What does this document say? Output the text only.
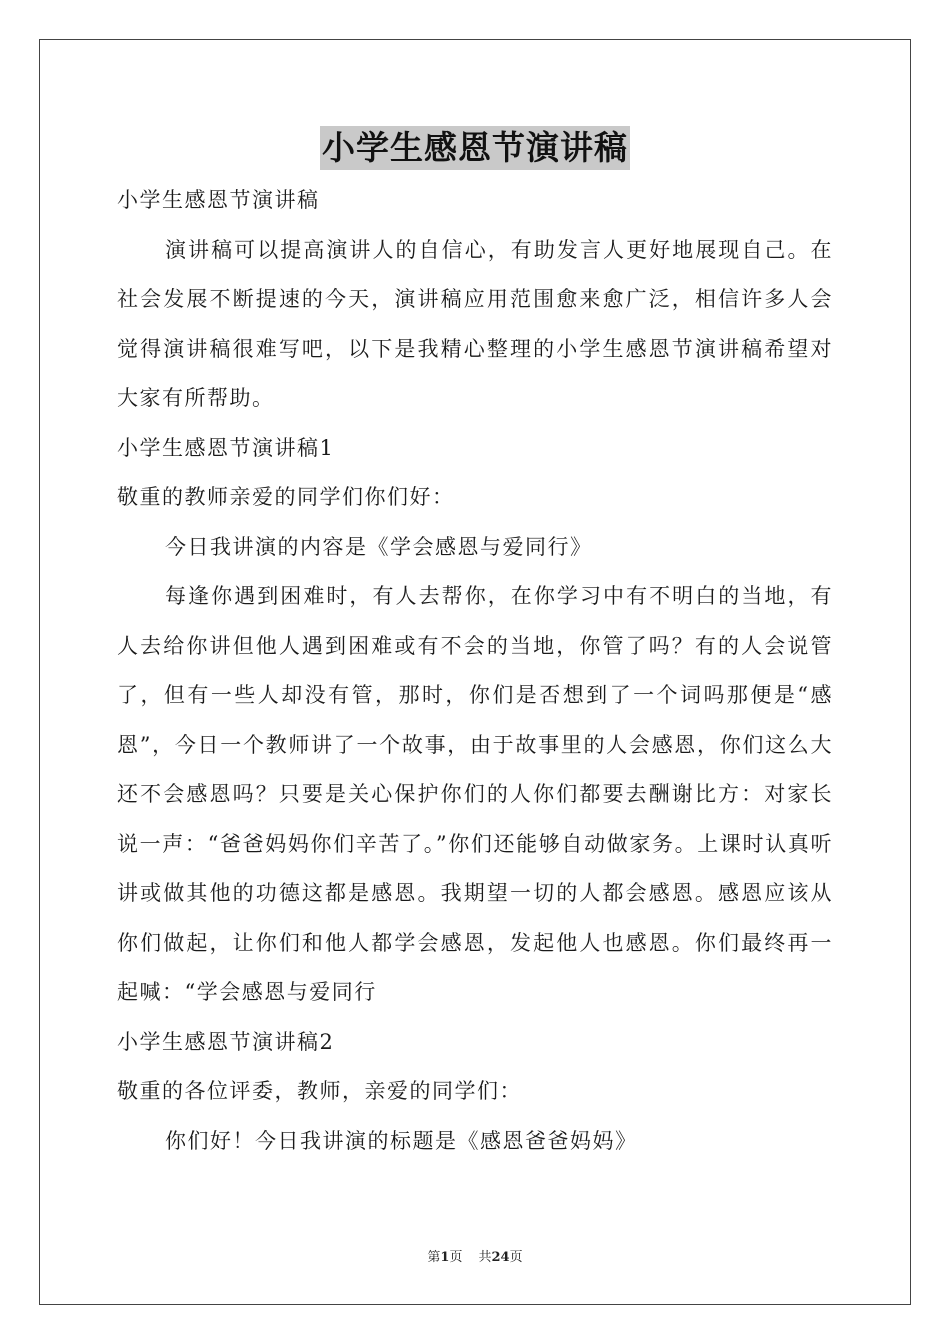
小学生感恩节演讲稿

小学生感恩节演讲稿

演讲稿可以提高演讲人的自信心，有助发言人更好地展现自己。在社会发展不断提速的今天，演讲稿应用范围愈来愈广泛，相信许多人会觉得演讲稿很难写吧，以下是我精心整理的小学生感恩节演讲稿希望对大家有所帮助。

小学生感恩节演讲稿1

敬重的教师亲爱的同学们你们好：

今日我讲演的内容是《学会感恩与爱同行》

每逢你遇到困难时，有人去帮你，在你学习中有不明白的当地，有人去给你讲但他人遇到困难或有不会的当地，你管了吗？有的人会说管了，但有一些人却没有管，那时，你们是否想到了一个词吗那便是“感恩”，今日一个教师讲了一个故事，由于故事里的人会感恩，你们这么大还不会感恩吗？只要是关心保护你们的人你们都要去酬谢比方：对家长说一声：“爸爸妈妈你们辛苦了。”你们还能够自动做家务。上课时认真听讲或做其他的功德这都是感恩。我期望一切的人都会感恩。感恩应该从你们做起，让你们和他人都学会感恩，发起他人也感恩。你们最终再一起喊：“学会感恩与爱同行

小学生感恩节演讲稿2

敬重的各位评委，教师，亲爱的同学们：

你们好！今日我讲演的标题是《感恩爸爸妈妈》

第1页 共24页
